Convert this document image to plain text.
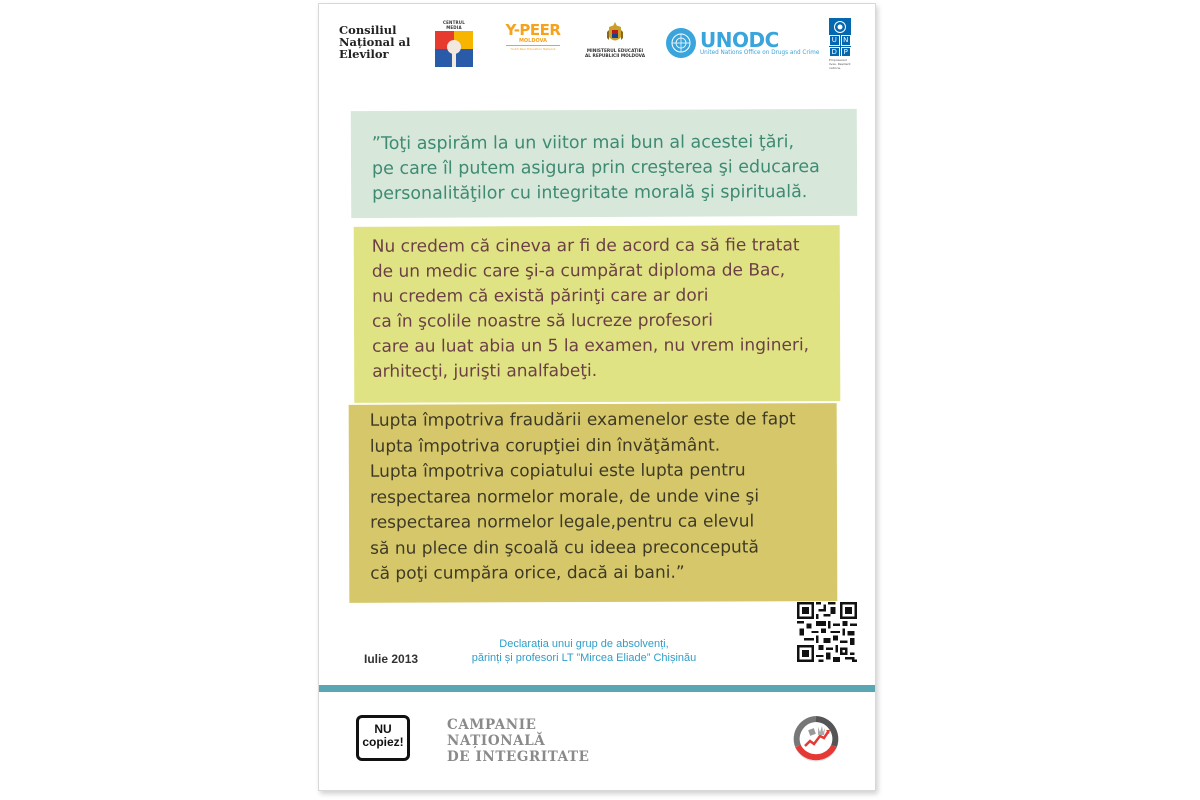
Consiliul
Național al
Elevilor
CENTRUL MEDIA	Y-PEER
MOLDOVA
Youth Peer Education Network	MINISTERUL EDUCAȚIEI
AL REPUBLICII MOLDOVA
UNODC
United Nations Office on Drugs and Crime
U N
D P
Empowered lives. Resilient nations.

”Toţi aspirăm la un viitor mai bun al acestei ţări,
pe care îl putem asigura prin creşterea şi educarea
personalităţilor cu integritate morală şi spirituală.

Nu credem că cineva ar fi de acord ca să fie tratat
de un medic care şi-a cumpărat diploma de Bac,
nu credem că există părinţi care ar dori
ca în şcolile noastre să lucreze profesori
care au luat abia un 5 la examen, nu vrem ingineri,
arhitecţi, jurişti analfabeţi.

Lupta împotriva fraudării examenelor este de fapt
lupta împotriva corupţiei din învăţământ.
Lupta împotriva copiatului este lupta pentru
respectarea normelor morale, de unde vine şi
respectarea normelor legale,pentru ca elevul
să nu plece din şcoală cu ideea preconcepută
că poţi cumpăra orice, dacă ai bani.”

Iulie 2013
Declarația unui grup de absolvenți,
părinți și profesori LT ”Mircea Eliade” Chișinău
NU
copiez!
CAMPANIE
NAȚIONALĂ
DE INTEGRITATE
